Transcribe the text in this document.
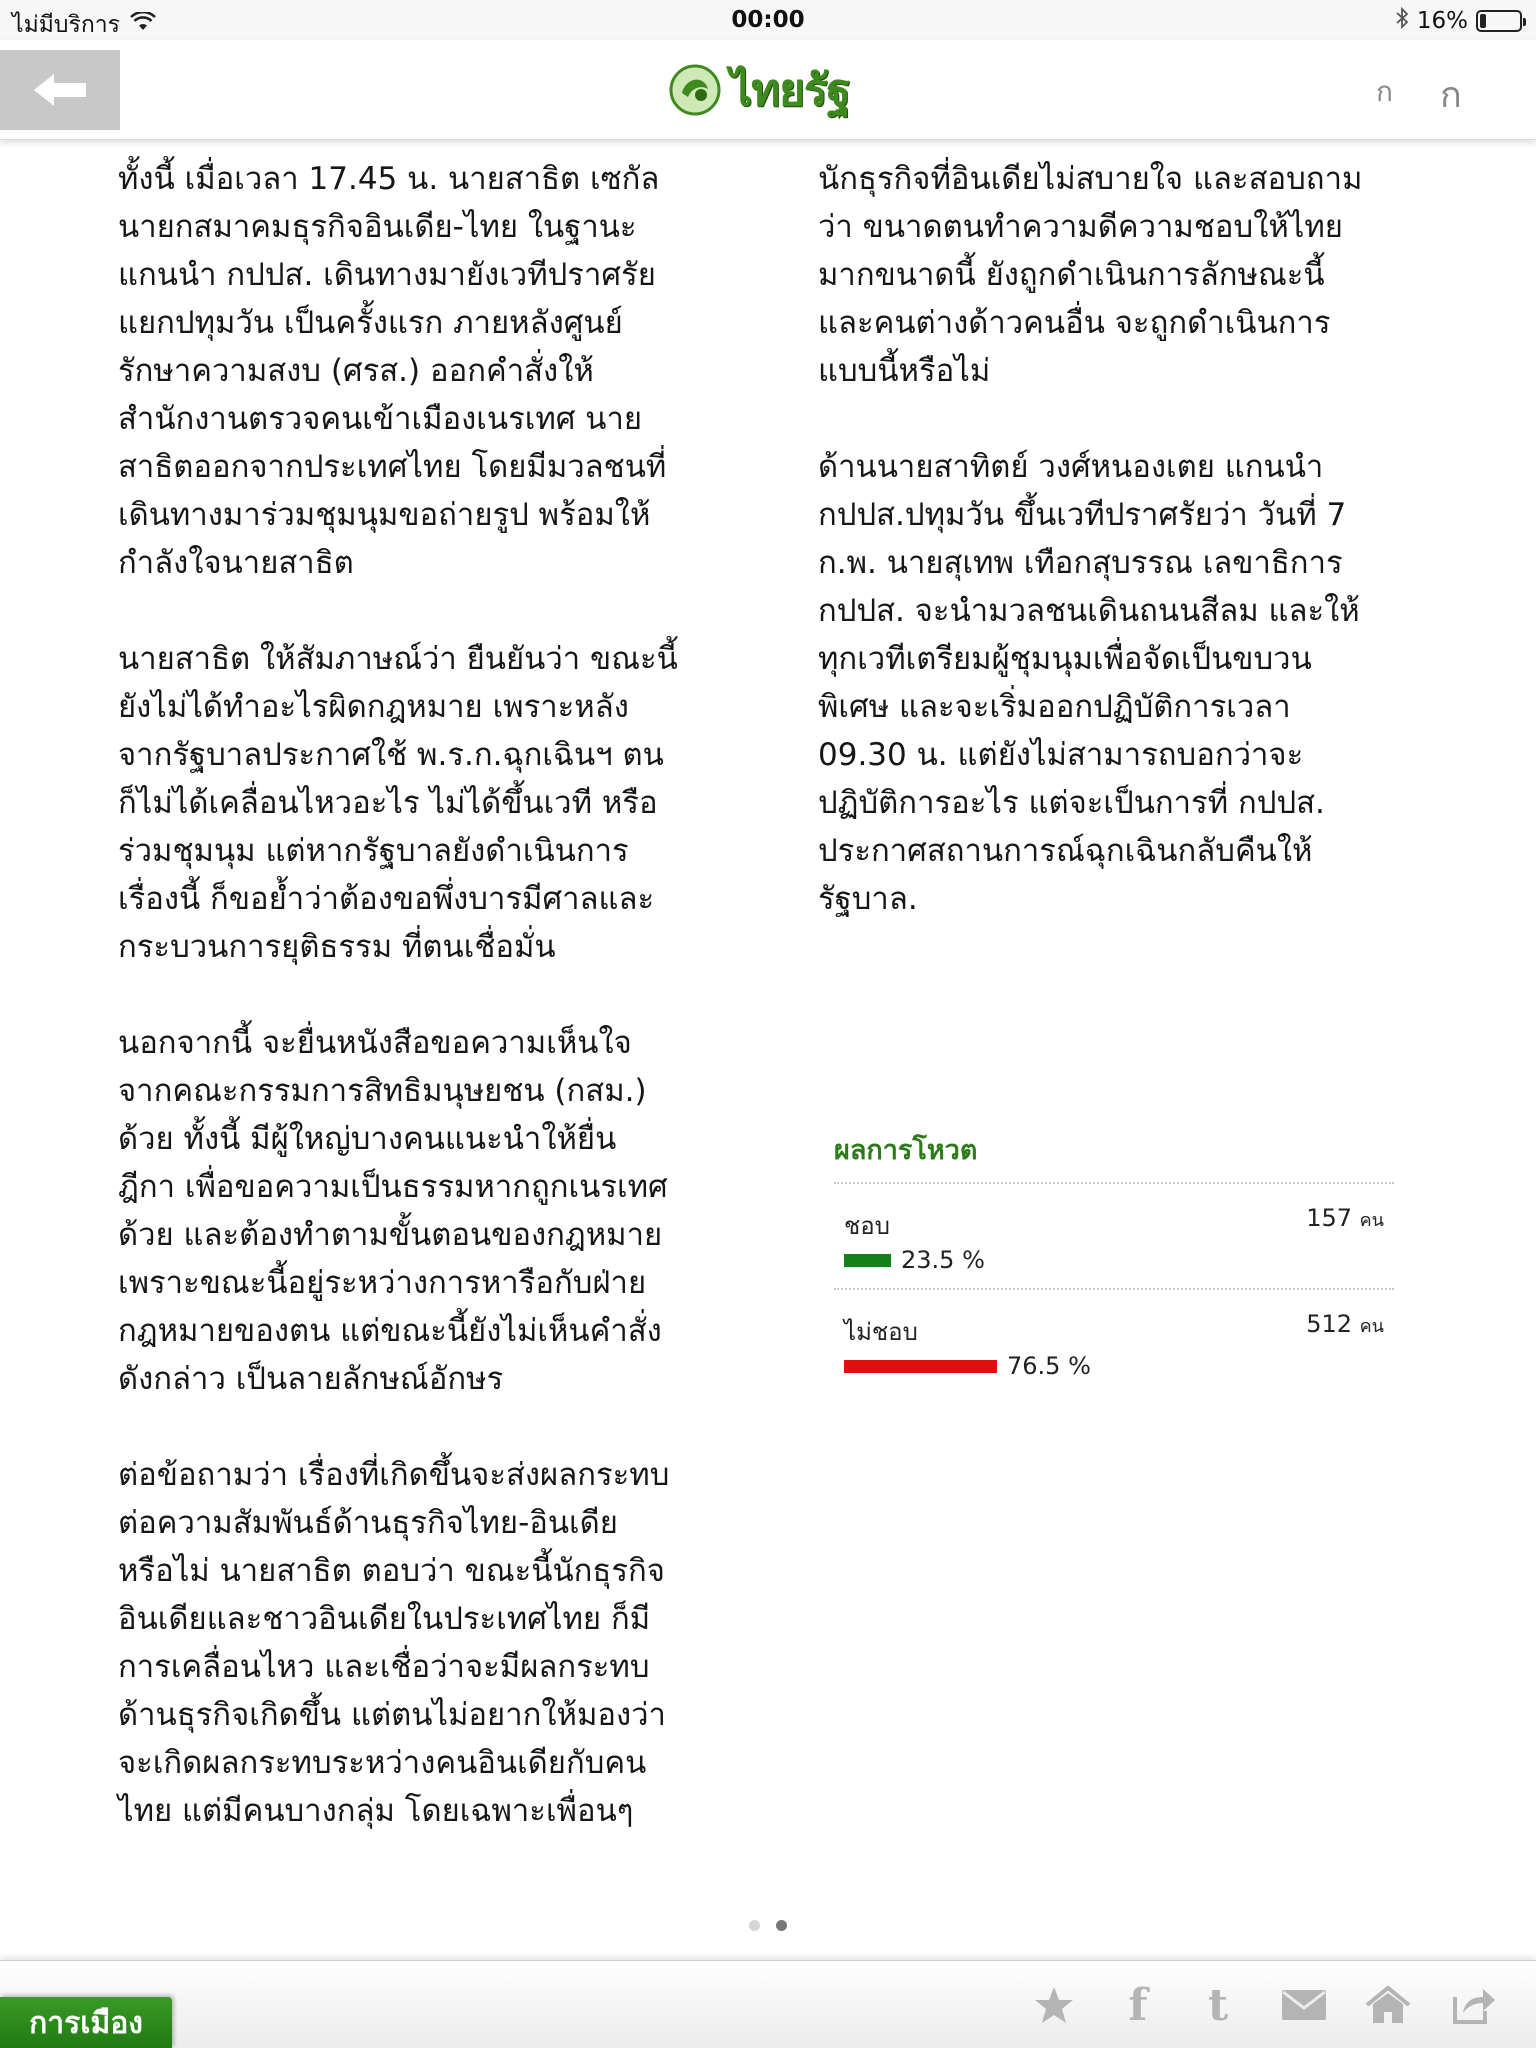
ไม่มีบริการ	00:00	16%
ไทยรัฐ	ก ก
ทั้งนี้ เมื่อเวลา 17.45 น. นายสาธิต เซกัล
นายกสมาคมธุรกิจอินเดีย-ไทย ในฐานะ
แกนนำ กปปส. เดินทางมายังเวทีปราศรัย
แยกปทุมวัน เป็นครั้งแรก ภายหลังศูนย์
รักษาความสงบ (ศรส.) ออกคำสั่งให้
สำนักงานตรวจคนเข้าเมืองเนรเทศ นาย
สาธิตออกจากประเทศไทย โดยมีมวลชนที่
เดินทางมาร่วมชุมนุมขอถ่ายรูป พร้อมให้
กำลังใจนายสาธิต
นายสาธิต ให้สัมภาษณ์ว่า ยืนยันว่า ขณะนี้
ยังไม่ได้ทำอะไรผิดกฎหมาย เพราะหลัง
จากรัฐบาลประกาศใช้ พ.ร.ก.ฉุกเฉินฯ ตน
ก็ไม่ได้เคลื่อนไหวอะไร ไม่ได้ขึ้นเวที หรือ
ร่วมชุมนุม แต่หากรัฐบาลยังดำเนินการ
เรื่องนี้ ก็ขอย้ำว่าต้องขอพึ่งบารมีศาลและ
กระบวนการยุติธรรม ที่ตนเชื่อมั่น
นอกจากนี้ จะยื่นหนังสือขอความเห็นใจ
จากคณะกรรมการสิทธิมนุษยชน (กสม.)
ด้วย ทั้งนี้ มีผู้ใหญ่บางคนแนะนำให้ยื่น
ฎีกา เพื่อขอความเป็นธรรมหากถูกเนรเทศ
ด้วย และต้องทำตามขั้นตอนของกฎหมาย
เพราะขณะนี้อยู่ระหว่างการหารือกับฝ่าย
กฎหมายของตน แต่ขณะนี้ยังไม่เห็นคำสั่ง
ดังกล่าว เป็นลายลักษณ์อักษร
ต่อข้อถามว่า เรื่องที่เกิดขึ้นจะส่งผลกระทบ
ต่อความสัมพันธ์ด้านธุรกิจไทย-อินเดีย
หรือไม่ นายสาธิต ตอบว่า ขณะนี้นักธุรกิจ
อินเดียและชาวอินเดียในประเทศไทย ก็มี
การเคลื่อนไหว และเชื่อว่าจะมีผลกระทบ
ด้านธุรกิจเกิดขึ้น แต่ตนไม่อยากให้มองว่า
จะเกิดผลกระทบระหว่างคนอินเดียกับคน
ไทย แต่มีคนบางกลุ่ม โดยเฉพาะเพื่อนๆ
นักธุรกิจที่อินเดียไม่สบายใจ และสอบถาม
ว่า ขนาดตนทำความดีความชอบให้ไทย
มากขนาดนี้ ยังถูกดำเนินการลักษณะนี้
และคนต่างด้าวคนอื่น จะถูกดำเนินการ
แบบนี้หรือไม่
ด้านนายสาทิตย์ วงศ์หนองเตย แกนนำ
กปปส.ปทุมวัน ขึ้นเวทีปราศรัยว่า วันที่ 7
ก.พ. นายสุเทพ เทือกสุบรรณ เลขาธิการ
กปปส. จะนำมวลชนเดินถนนสีลม และให้
ทุกเวทีเตรียมผู้ชุมนุมเพื่อจัดเป็นขบวน
พิเศษ และจะเริ่มออกปฏิบัติการเวลา
09.30 น. แต่ยังไม่สามารถบอกว่าจะ
ปฏิบัติการอะไร แต่จะเป็นการที่ กปปส.
ประกาศสถานการณ์ฉุกเฉินกลับคืนให้
รัฐบาล.
ผลการโหวต
ชอบ	157 คน
23.5 %
ไม่ชอบ	512 คน
76.5 %
การเมือง	f t
